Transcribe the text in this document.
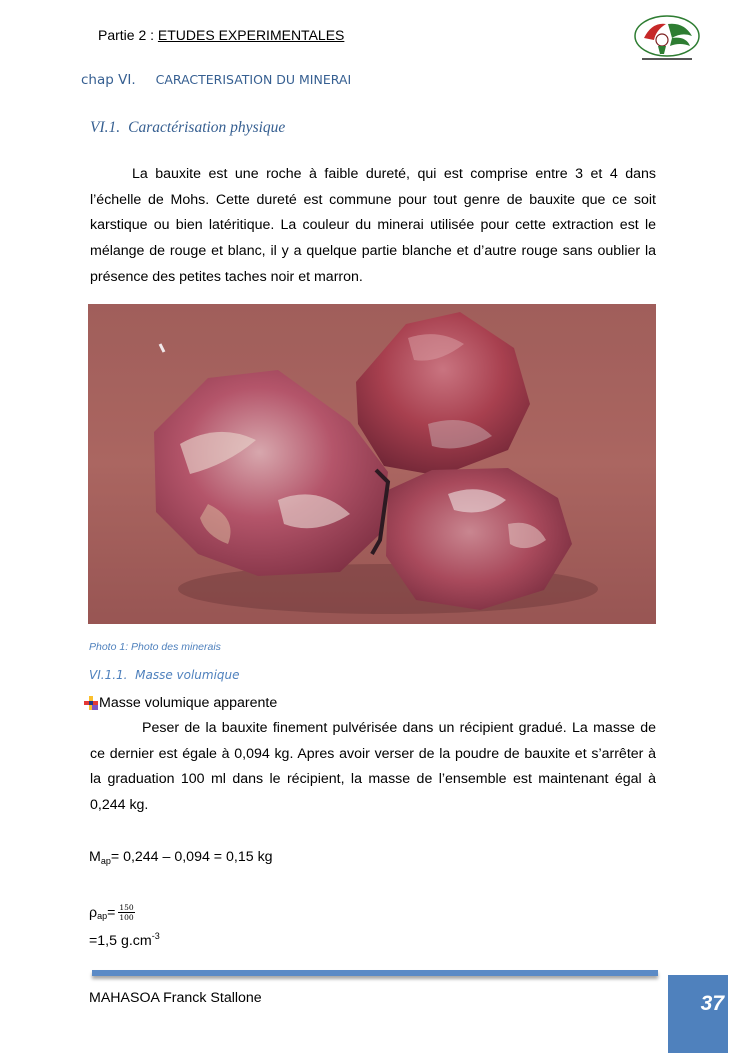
Partie 2 : ETUDES EXPERIMENTALES
chap VI. CARACTERISATION DU MINERAI
VI.1. Caractérisation physique
La bauxite est une roche à faible dureté, qui est comprise entre 3 et 4 dans l’échelle de Mohs. Cette dureté est commune pour tout genre de bauxite que ce soit karstique ou bien latéritique. La couleur du minerai utilisée pour cette extraction est le mélange de rouge et blanc, il y a quelque partie blanche et d’autre rouge sans oublier la présence des petites taches noir et marron.
Photo 1: Photo des minerais
VI.1.1. Masse volumique
Masse volumique apparente
Peser de la bauxite finement pulvérisée dans un récipient gradué. La masse de ce dernier est égale à 0,094 kg. Apres avoir verser de la poudre de bauxite et s’arrêter à la graduation 100 ml dans le récipient, la masse de l’ensemble est maintenant égal à 0,244 kg.
$M_{ap}= 0,244 - 0,094 = 0,15$ kg
ρ ap = $\frac{150}{100}$
=1,5 $g.cm^{-3}$
MAHASOA Franck Stallone	37
